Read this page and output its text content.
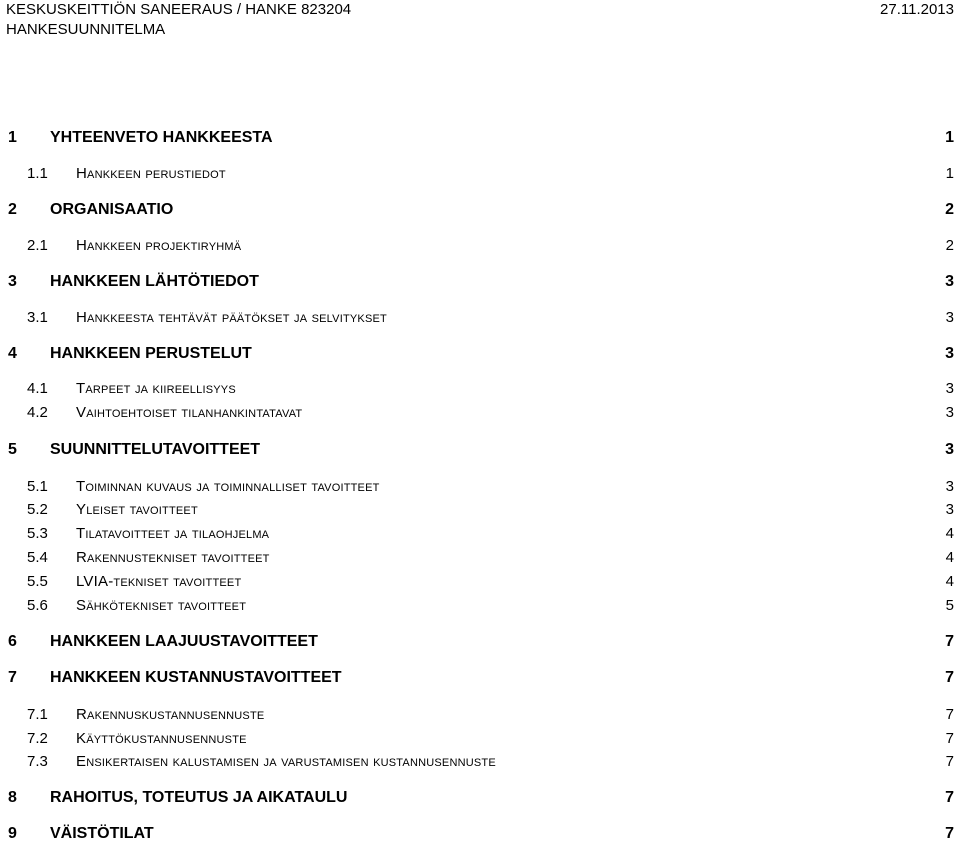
KESKUSKEITTIÖN SANEERAUS / HANKE 823204	27.11.2013
HANKESUUNNITELMA
1	YHTEENVETO HANKKEESTA	1
1.1	Hankkeen perustiedot	1
2	ORGANISAATIO	2
2.1	Hankkeen projektiryhmä	2
3	HANKKEEN LÄHTÖTIEDOT	3
3.1	Hankkeesta tehtävät päätökset ja selvitykset	3
4	HANKKEEN PERUSTELUT	3
4.1	Tarpeet ja kiireellisyys	3
4.2	Vaihtoehtoiset tilanhankintatavat	3
5	SUUNNITTELUTAVOITTEET	3
5.1	Toiminnan kuvaus ja toiminnalliset tavoitteet	3
5.2	Yleiset tavoitteet	3
5.3	Tilatavoitteet ja tilaohjelma	4
5.4	Rakennustekniset tavoitteet	4
5.5	LVIA-tekniset tavoitteet	4
5.6	Sähkötekniset tavoitteet	5
6	HANKKEEN LAAJUUSTAVOITTEET	7
7	HANKKEEN KUSTANNUSTAVOITTEET	7
7.1	Rakennuskustannusennuste	7
7.2	Käyttökustannusennuste	7
7.3	Ensikertaisen kalustamisen ja varustamisen kustannusennuste	7
8	RAHOITUS, TOTEUTUS JA AIKATAULU	7
9	VÄISTÖTILAT	7
